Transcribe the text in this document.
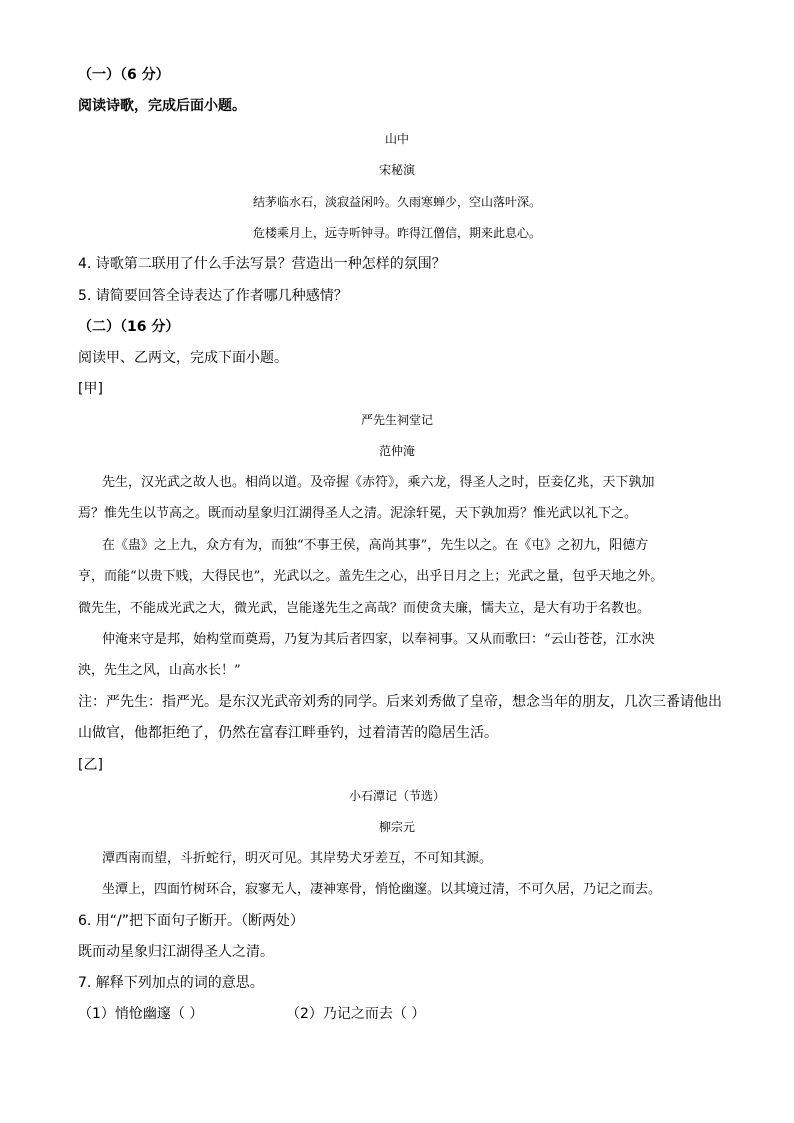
（一）（6 分）
阅读诗歌，完成后面小题。
山中
宋秘演
结茅临水石，淡寂益闲吟。久雨寒蝉少，空山落叶深。
危楼乘月上，远寺听钟寻。昨得江僧信，期来此息心。
4. 诗歌第二联用了什么手法写景？营造出一种怎样的氛围？
5. 请简要回答全诗表达了作者哪几种感情？
（二）（16 分）
阅读甲、乙两文，完成下面小题。
[甲]
严先生祠堂记
范仲淹
先生，汉光武之故人也。相尚以道。及帝握《赤符》，乘六龙，得圣人之时，臣妾亿兆，天下孰加
焉？惟先生以节高之。既而动星象归江湖得圣人之清。泥涂轩冕，天下孰加焉？惟光武以礼下之。
在《蛊》之上九，众方有为，而独“不事王侯，高尚其事”，先生以之。在《屯》之初九，阳德方
亨，而能“以贵下贱，大得民也”，光武以之。盖先生之心，出乎日月之上；光武之量，包乎天地之外。
微先生，不能成光武之大，微光武，岂能遂先生之高哉？而使贪夫廉，懦夫立，是大有功于名教也。
仲淹来守是邦，始构堂而奠焉，乃复为其后者四家，以奉祠事。又从而歌曰：“云山苍苍，江水泱
泱，先生之风，山高水长！”
注：严先生：指严光。是东汉光武帝刘秀的同学。后来刘秀做了皇帝，想念当年的朋友，几次三番请他出
山做官，他都拒绝了，仍然在富春江畔垂钓，过着清苦的隐居生活。
[乙]
小石潭记（节选）
柳宗元
潭西南而望，斗折蛇行，明灭可见。其岸势犬牙差互，不可知其源。
坐潭上，四面竹树环合，寂寥无人，凄神寒骨，悄怆幽邃。以其境过清，不可久居，乃记之而去。
6. 用“/”把下面句子断开。（断两处）
既而动星象归江湖得圣人之清。
7. 解释下列加点的词的意思。
（1）悄怆幽邃（ ）	（2）乃记之而去（ ）
